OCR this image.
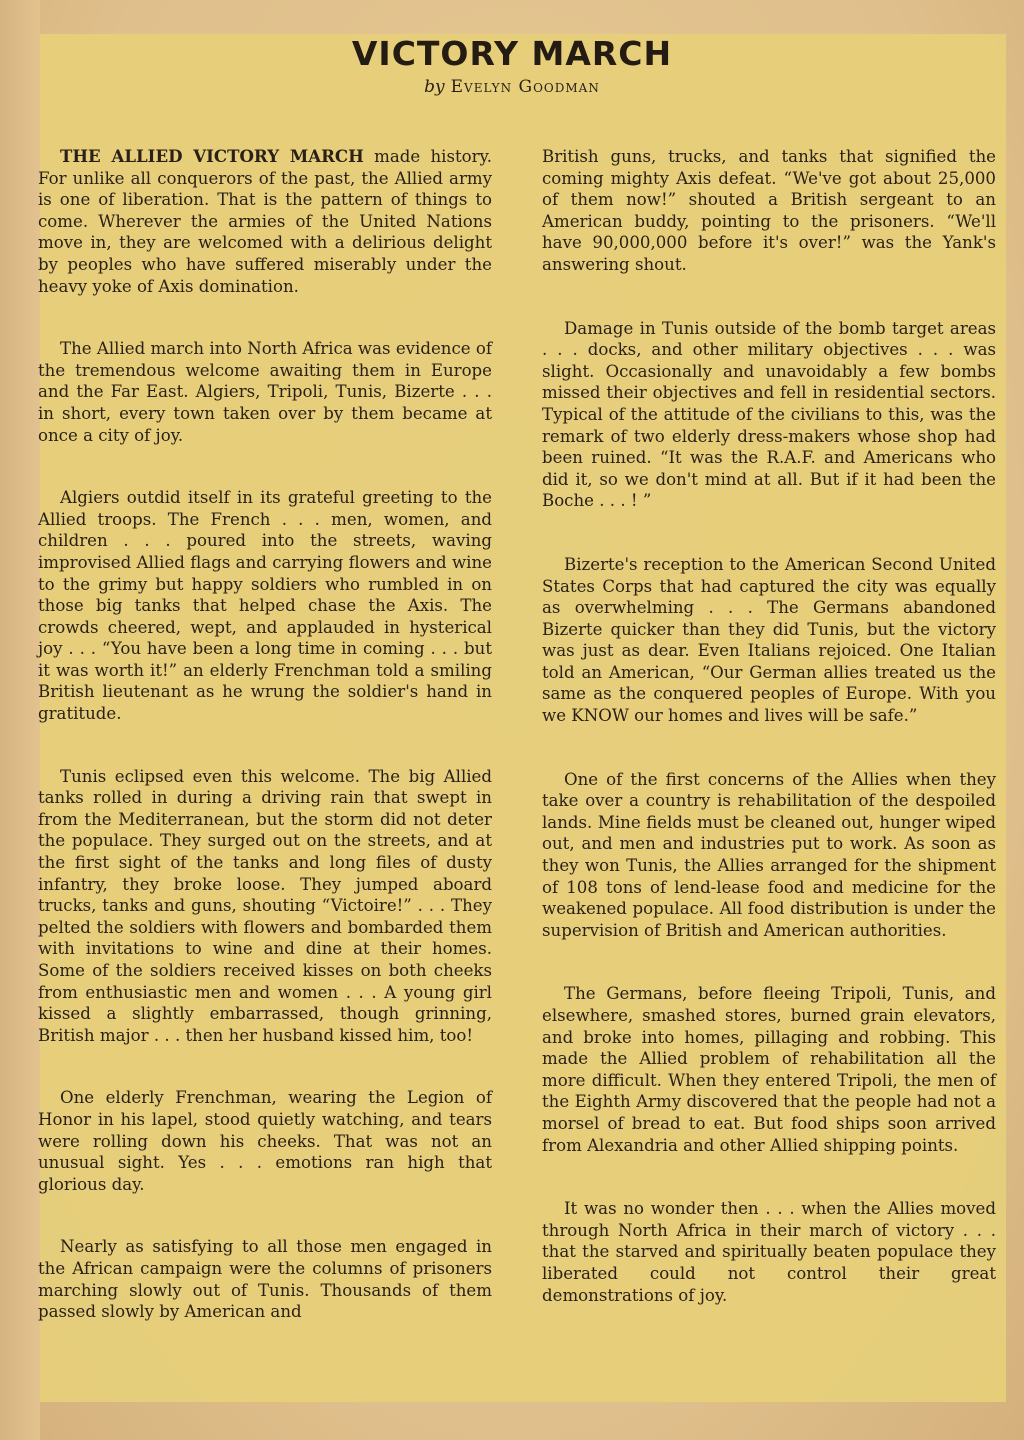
VICTORY MARCH
by Evelyn Goodman

THE ALLIED VICTORY MARCH made history. For unlike all conquerors of the past, the Allied army is one of liberation. That is the pattern of things to come. Wherever the armies of the United Nations move in, they are welcomed with a delirious delight by peoples who have suffered miserably under the heavy yoke of Axis domination.

The Allied march into North Africa was evidence of the tremendous welcome awaiting them in Europe and the Far East. Algiers, Tripoli, Tunis, Bizerte . . . in short, every town taken over by them became at once a city of joy.

Algiers outdid itself in its grateful greeting to the Allied troops. The French . . . men, women, and children . . . poured into the streets, waving improvised Allied flags and carrying flowers and wine to the grimy but happy soldiers who rumbled in on those big tanks that helped chase the Axis. The crowds cheered, wept, and applauded in hysterical joy . . . “You have been a long time in coming . . . but it was worth it!” an elderly Frenchman told a smiling British lieutenant as he wrung the soldier's hand in gratitude.

Tunis eclipsed even this welcome. The big Allied tanks rolled in during a driving rain that swept in from the Mediterranean, but the storm did not deter the populace. They surged out on the streets, and at the first sight of the tanks and long files of dusty infantry, they broke loose. They jumped aboard trucks, tanks and guns, shouting “Victoire!” . . . They pelted the soldiers with flowers and bombarded them with invitations to wine and dine at their homes. Some of the soldiers received kisses on both cheeks from enthusiastic men and women . . . A young girl kissed a slightly embarrassed, though grinning, British major . . . then her husband kissed him, too!

One elderly Frenchman, wearing the Legion of Honor in his lapel, stood quietly watching, and tears were rolling down his cheeks. That was not an unusual sight. Yes . . . emotions ran high that glorious day.

Nearly as satisfying to all those men engaged in the African campaign were the columns of prisoners marching slowly out of Tunis. Thousands of them passed slowly by American and

British guns, trucks, and tanks that signified the coming mighty Axis defeat. “We've got about 25,000 of them now!” shouted a British sergeant to an American buddy, pointing to the prisoners. “We'll have 90,000,000 before it's over!” was the Yank's answering shout.

Damage in Tunis outside of the bomb target areas . . . docks, and other military objectives . . . was slight. Occasionally and unavoidably a few bombs missed their objectives and fell in residential sectors. Typical of the attitude of the civilians to this, was the remark of two elderly dress-makers whose shop had been ruined. “It was the R.A.F. and Americans who did it, so we don't mind at all. But if it had been the Boche . . . ! ”

Bizerte's reception to the American Second United States Corps that had captured the city was equally as overwhelming . . . The Germans abandoned Bizerte quicker than they did Tunis, but the victory was just as dear. Even Italians rejoiced. One Italian told an American, “Our German allies treated us the same as the conquered peoples of Europe. With you we KNOW our homes and lives will be safe.”

One of the first concerns of the Allies when they take over a country is rehabilitation of the despoiled lands. Mine fields must be cleaned out, hunger wiped out, and men and industries put to work. As soon as they won Tunis, the Allies arranged for the shipment of 108 tons of lend-lease food and medicine for the weakened populace. All food distribution is under the supervision of British and American authorities.

The Germans, before fleeing Tripoli, Tunis, and elsewhere, smashed stores, burned grain elevators, and broke into homes, pillaging and robbing. This made the Allied problem of rehabilitation all the more difficult. When they entered Tripoli, the men of the Eighth Army discovered that the people had not a morsel of bread to eat. But food ships soon arrived from Alexandria and other Allied shipping points.

It was no wonder then . . . when the Allies moved through North Africa in their march of victory . . . that the starved and spiritually beaten populace they liberated could not control their great demonstrations of joy.
